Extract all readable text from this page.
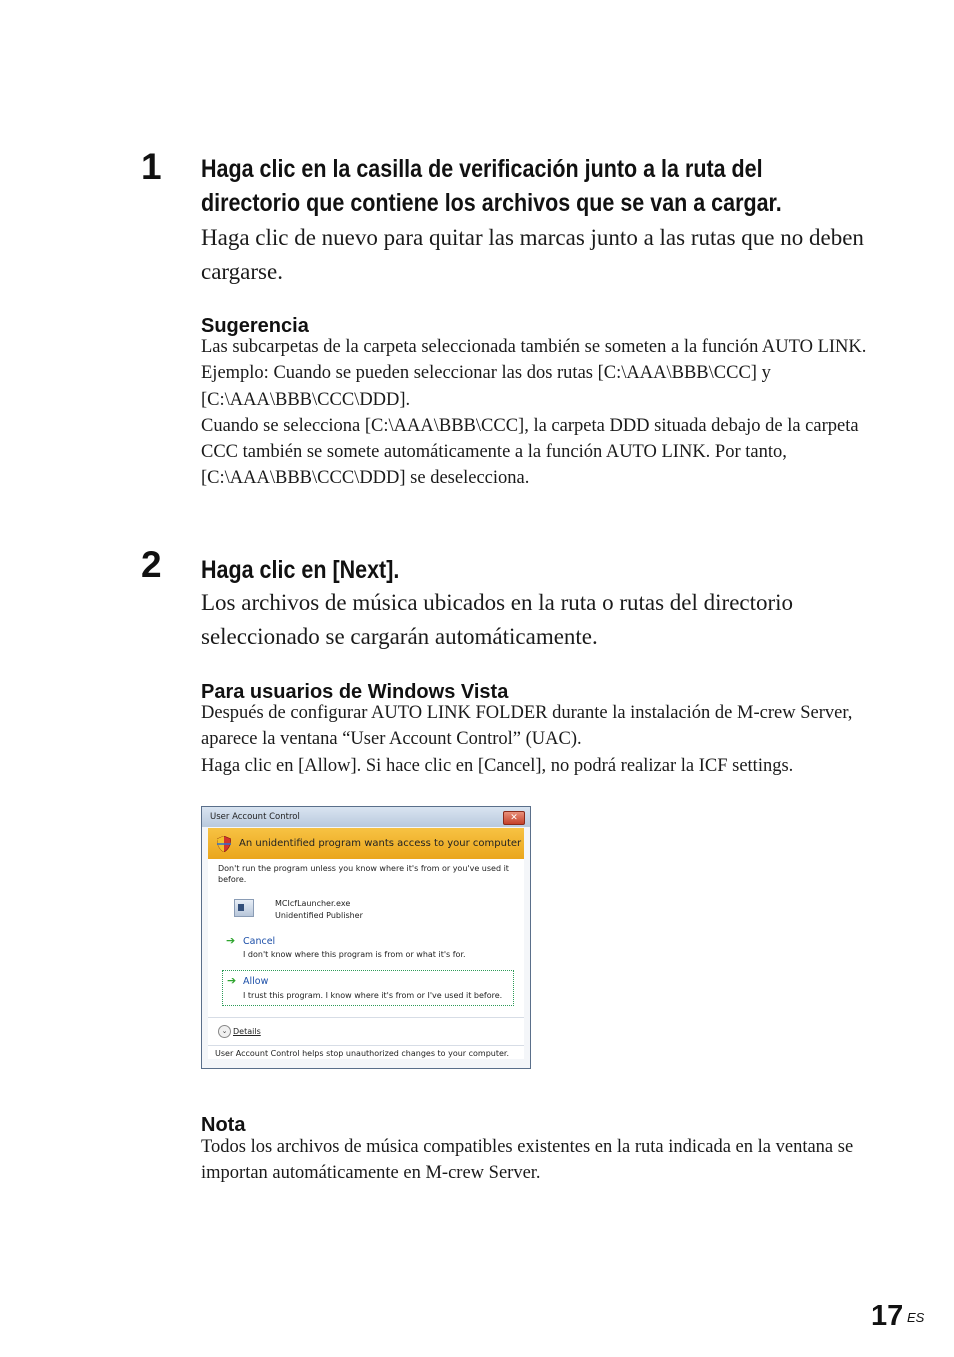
1 Haga clic en la casilla de verificación junto a la ruta del
directorio que contiene los archivos que se van a cargar.
Haga clic de nuevo para quitar las marcas junto a las rutas que no deben cargarse.
Sugerencia

Las subcarpetas de la carpeta seleccionada también se someten a la función AUTO LINK.

Ejemplo: Cuando se pueden seleccionar las dos rutas [C:\AAA\BBB\CCC] y [C:\AAA\BBB\CCC\DDD].

Cuando se selecciona [C:\AAA\BBB\CCC], la carpeta DDD situada debajo de la carpeta CCC también se somete automáticamente a la función AUTO LINK. Por tanto, [C:\AAA\BBB\CCC\DDD] se deselecciona.

2 Haga clic en [Next].
Los archivos de música ubicados en la ruta o rutas del directorio seleccionado se cargarán automáticamente.
Para usuarios de Windows Vista

Después de configurar AUTO LINK FOLDER durante la instalación de M-crew Server, aparece la ventana “User Account Control” (UAC).

Haga clic en [Allow]. Si hace clic en [Cancel], no podrá realizar la ICF settings.

User Account Control	✕
An unidentified program wants access to your computer
Don't run the program unless you know where it's from or you've used it
before.
MCIcfLauncher.exe
Unidentified Publisher
➔ Cancel
I don't know where this program is from or what it's for.
➔ Allow
I trust this program. I know where it's from or I've used it before.
⌄ Details
User Account Control helps stop unauthorized changes to your computer.
Nota
Todos los archivos de música compatibles existentes en la ruta indicada en la ventana se importan automáticamente en M-crew Server.
17 ES
